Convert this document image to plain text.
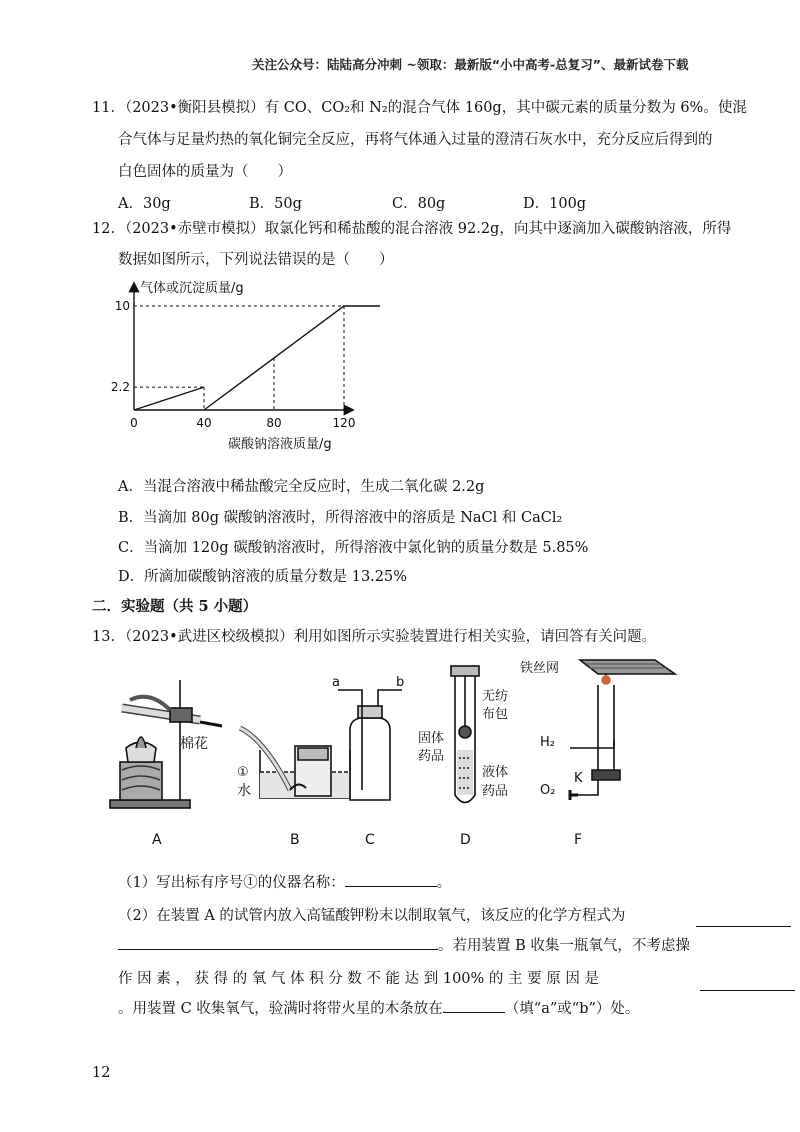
关注公众号：陆陆高分冲刺 ~领取：最新版“小中高考-总复习”、最新试卷下载
11．（2023•衡阳县模拟）有 CO、CO₂和 N₂的混合气体 160g，其中碳元素的质量分数为 6%。使混
合气体与足量灼热的氧化铜完全反应，再将气体通入过量的澄清石灰水中，充分反应后得到的
白色固体的质量为（　　）
A．30g	B．50g	C．80g	D．100g
12．（2023•赤壁市模拟）取氯化钙和稀盐酸的混合溶液 92.2g，向其中逐滴加入碳酸钠溶液，所得
数据如图所示，下列说法错误的是（　　）
0	40	80	120
2.2
10
气体或沉淀质量/g
碳酸钠溶液质量/g
A．当混合溶液中稀盐酸完全反应时，生成二氧化碳 2.2g
B．当滴加 80g 碳酸钠溶液时，所得溶液中的溶质是 NaCl 和 CaCl₂
C．当滴加 120g 碳酸钠溶液时，所得溶液中氯化钠的质量分数是 5.85%
D．所滴加碳酸钠溶液的质量分数是 13.25%
二．实验题（共 5 小题）
13．（2023•武进区校级模拟）利用如图所示实验装置进行相关实验，请回答有关问题。
棉花
①
水
a	b
固体
药品
无纺
布包
液体
药品
铁丝网
H₂
O₂
K
A	B	C	D	F
（1）写出标有序号①的仪器名称：	。
（2）在装置 A 的试管内放入高锰酸钾粉末以制取氧气，该反应的化学方程式为
。若用装置 B 收集一瓶氧气，不考虑操
作 因 素 ， 获 得 的 氧 气 体 积 分 数 不 能 达 到 100% 的 主 要 原 因 是
。用装置 C 收集氧气，验满时将带火星的木条放在	（填“a”或“b”）处。
12
